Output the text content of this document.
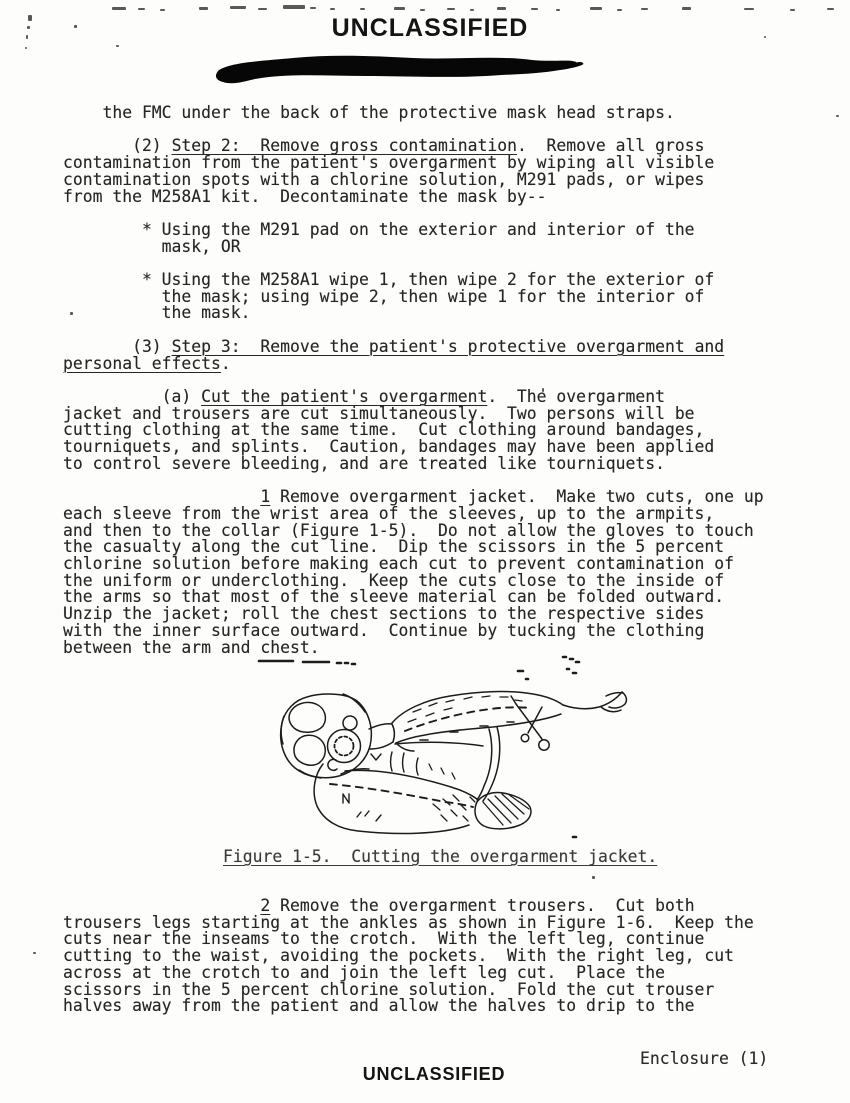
UNCLASSIFIED
the FMC under the back of the protective mask head straps.

(2) Step 2:  Remove gross contamination.  Remove all gross
contamination from the patient's overgarment by wiping all visible
contamination spots with a chlorine solution, M291 pads, or wipes
from the M258A1 kit.  Decontaminate the mask by--

* Using the M291 pad on the exterior and interior of the
mask, OR

* Using the M258A1 wipe 1, then wipe 2 for the exterior of
the mask; using wipe 2, then wipe 1 for the interior of
the mask.

(3) Step 3:  Remove the patient's protective overgarment and
personal effects.

(a) Cut the patient's overgarment.  The overgarment
jacket and trousers are cut simultaneously.  Two persons will be
cutting clothing at the same time.  Cut clothing around bandages,
tourniquets, and splints.  Caution, bandages may have been applied
to control severe bleeding, and are treated like tourniquets.

1 Remove overgarment jacket.  Make two cuts, one up
each sleeve from the wrist area of the sleeves, up to the armpits,
and then to the collar (Figure 1-5).  Do not allow the gloves to touch
the casualty along the cut line.  Dip the scissors in the 5 percent
chlorine solution before making each cut to prevent contamination of
the uniform or underclothing.  Keep the cuts close to the inside of
the arms so that most of the sleeve material can be folded outward.
Unzip the jacket; roll the chest sections to the respective sides
with the inner surface outward.  Continue by tucking the clothing
between the arm and chest.
Figure 1-5.  Cutting the overgarment jacket.
2 Remove the overgarment trousers.  Cut both
trousers legs starting at the ankles as shown in Figure 1-6.  Keep the
cuts near the inseams to the crotch.  With the left leg, continue
cutting to the waist, avoiding the pockets.  With the right leg, cut
across at the crotch to and join the left leg cut.  Place the
scissors in the 5 percent chlorine solution.  Fold the cut trouser
halves away from the patient and allow the halves to drip to the
Enclosure (1)
UNCLASSIFIED
